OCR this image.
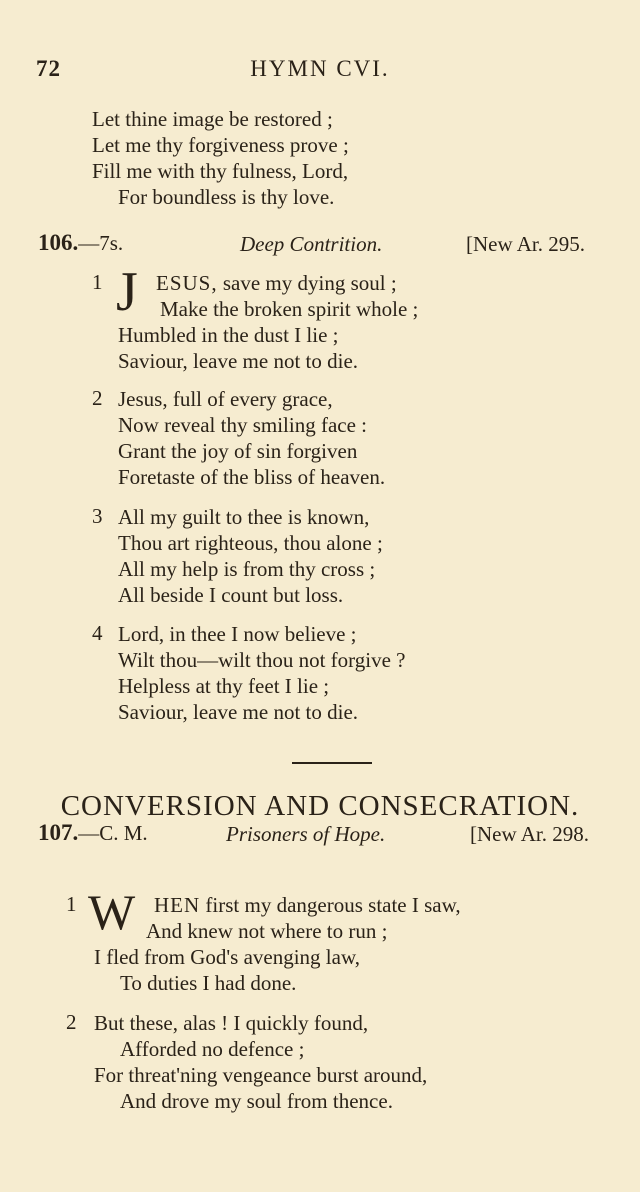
72	HYMN CVI.
Let thine image be restored ;
Let me thy forgiveness prove ;
Fill me with thy fulness, Lord,
For boundless is thy love.
106.—7s.	Deep Contrition.	[New Ar. 295.
1 J ESUS, save my dying soul ;
Make the broken spirit whole ;
Humbled in the dust I lie ;
Saviour, leave me not to die.
2 Jesus, full of every grace,
Now reveal thy smiling face :
Grant the joy of sin forgiven
Foretaste of the bliss of heaven.
3 All my guilt to thee is known,
Thou art righteous, thou alone ;
All my help is from thy cross ;
All beside I count but loss.
4 Lord, in thee I now believe ;
Wilt thou—wilt thou not forgive ?
Helpless at thy feet I lie ;
Saviour, leave me not to die.
CONVERSION AND CONSECRATION.
107.—C. M.	Prisoners of Hope.	[New Ar. 298.
1 W HEN first my dangerous state I saw,
And knew not where to run ;
I fled from God's avenging law,
To duties I had done.
2 But these, alas ! I quickly found,
Afforded no defence ;
For threat'ning vengeance burst around,
And drove my soul from thence.
